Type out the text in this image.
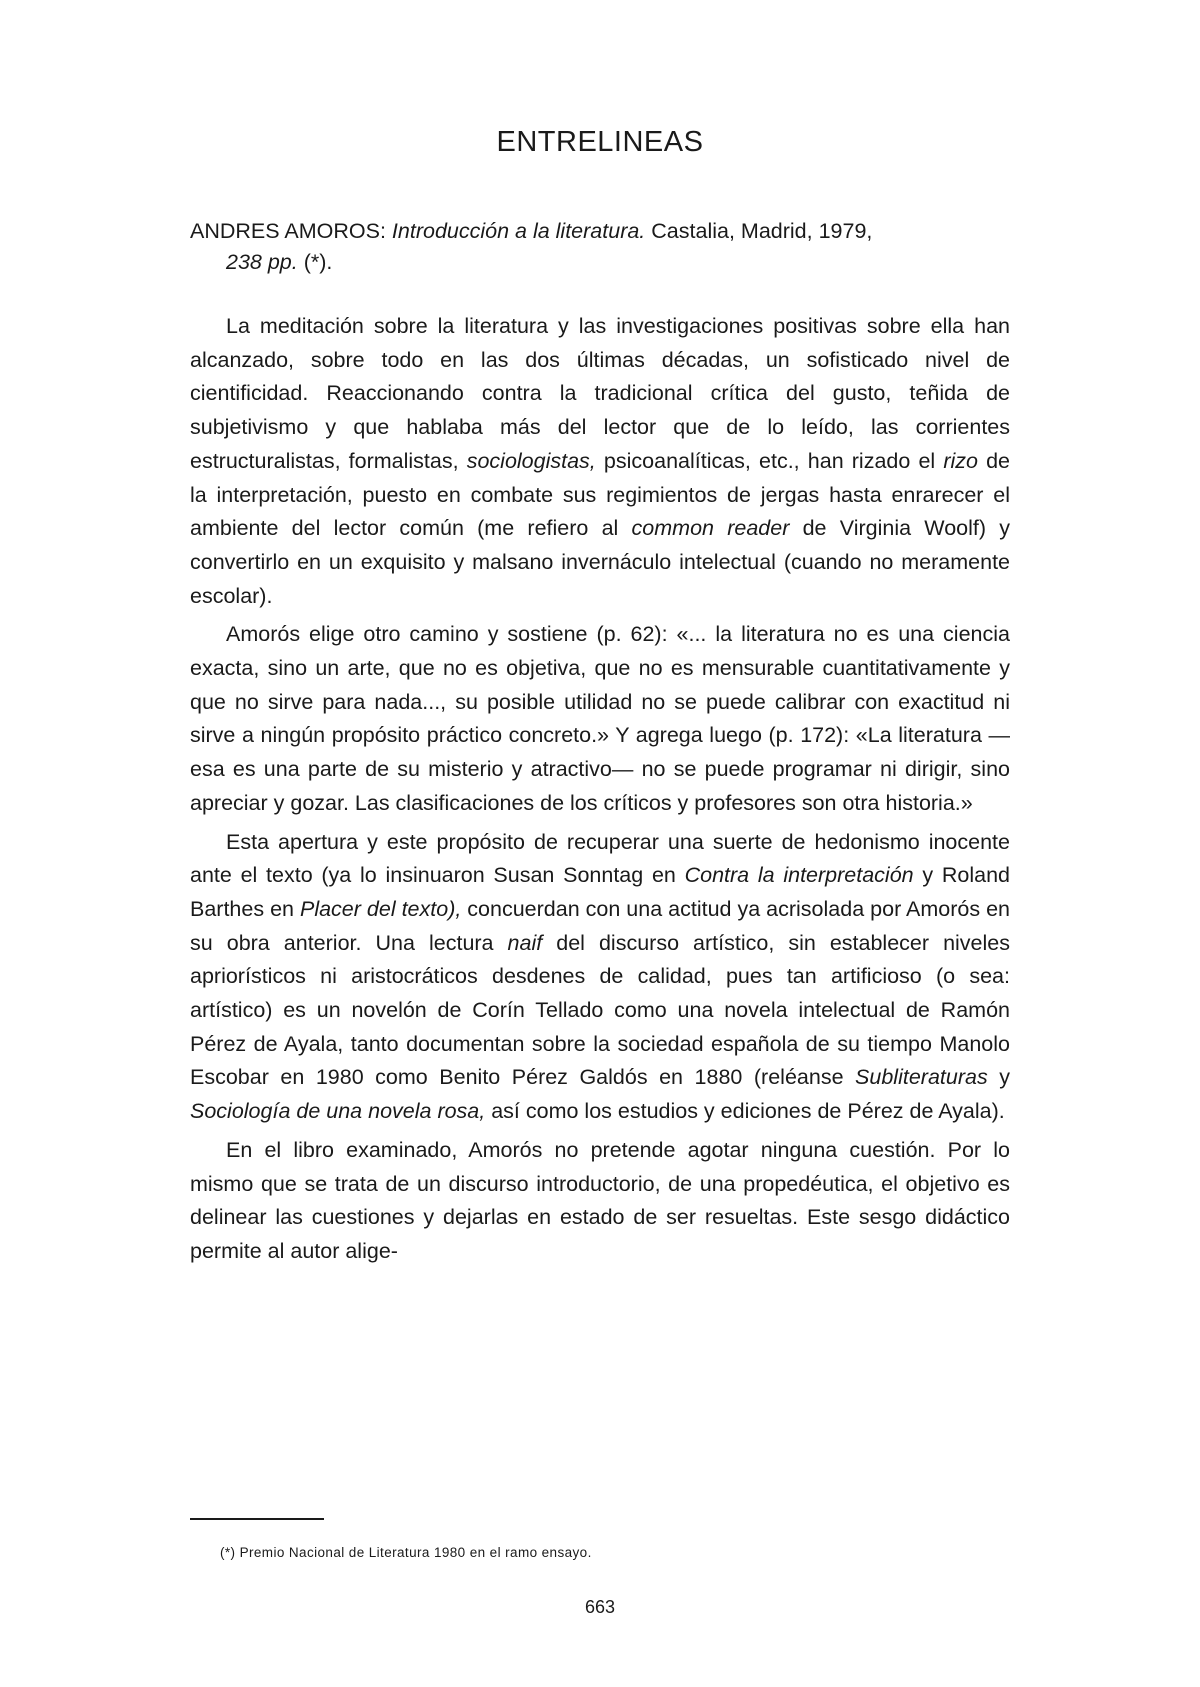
ENTRELINEAS
ANDRES AMOROS: Introducción a la literatura. Castalia, Madrid, 1979,
238 pp. (*).

La meditación sobre la literatura y las investigaciones positivas sobre ella han alcanzado, sobre todo en las dos últimas décadas, un sofisticado nivel de cientificidad. Reaccionando contra la tradicional crítica del gusto, teñida de subjetivismo y que hablaba más del lector que de lo leído, las corrientes estructuralistas, formalistas, sociologistas, psicoanalíticas, etc., han rizado el rizo de la interpretación, puesto en combate sus regimientos de jergas hasta enrarecer el ambiente del lector común (me refiero al common reader de Virginia Woolf) y convertirlo en un exquisito y malsano invernáculo intelectual (cuando no meramente escolar).

Amorós elige otro camino y sostiene (p. 62): «... la literatura no es una ciencia exacta, sino un arte, que no es objetiva, que no es mensurable cuantitativamente y que no sirve para nada..., su posible utilidad no se puede calibrar con exactitud ni sirve a ningún propósito práctico concreto.» Y agrega luego (p. 172): «La literatura —esa es una parte de su misterio y atractivo— no se puede programar ni dirigir, sino apreciar y gozar. Las clasificaciones de los críticos y profesores son otra historia.»

Esta apertura y este propósito de recuperar una suerte de hedonismo inocente ante el texto (ya lo insinuaron Susan Sonntag en Contra la interpretación y Roland Barthes en Placer del texto), concuerdan con una actitud ya acrisolada por Amorós en su obra anterior. Una lectura naif del discurso artístico, sin establecer niveles apriorísticos ni aristocráticos desdenes de calidad, pues tan artificioso (o sea: artístico) es un novelón de Corín Tellado como una novela intelectual de Ramón Pérez de Ayala, tanto documentan sobre la sociedad española de su tiempo Manolo Escobar en 1980 como Benito Pérez Galdós en 1880 (reléanse Subliteraturas y Sociología de una novela rosa, así como los estudios y ediciones de Pérez de Ayala).

En el libro examinado, Amorós no pretende agotar ninguna cuestión. Por lo mismo que se trata de un discurso introductorio, de una propedéutica, el objetivo es delinear las cuestiones y dejarlas en estado de ser resueltas. Este sesgo didáctico permite al autor alige-

(*) Premio Nacional de Literatura 1980 en el ramo ensayo.
663
